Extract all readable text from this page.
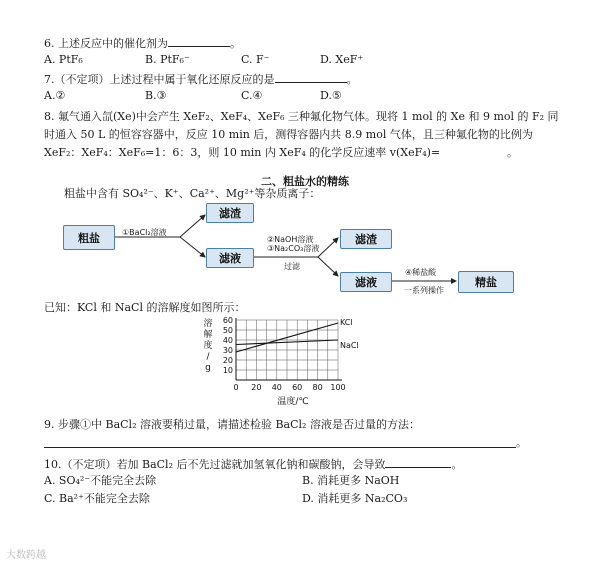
6. 上述反应中的催化剂为	。
A. PtF₆	B. PtF₆⁻	C. F⁻	D. XeF⁺
7.（不定项）上述过程中属于氧化还原反应的是	。
A.②	B.③	C.④	D.⑤
8. 氟气通入氙(Xe)中会产生 XeF₂、XeF₄、XeF₆ 三种氟化物气体。现将 1 mol 的 Xe 和 9 mol 的 F₂ 同
时通入 50 L 的恒容容器中，反应 10 min 后，测得容器内共 8.9 mol 气体，且三种氟化物的比例为
XeF₂：XeF₄：XeF₆=1：6：3，则 10 min 内 XeF₄ 的化学反应速率 v(XeF₄)=	。
二、粗盐水的精练
粗盐中含有 SO₄²⁻、K⁺、Ca²⁺、Mg²⁺等杂质离子：
粗盐	①BaCl₂溶液
滤渣
滤液
②NaOH溶液
③Na₂CO₃溶液
过滤
滤渣
滤液
④稀盐酸
一系列操作
精盐
已知：KCl 和 NaCl 的溶解度如图所示：
0 20 40 60 80 100
10
20
30
40
50
60
溶
解
度
/
g
温度/℃
KCl
NaCl
9. 步骤①中 BaCl₂ 溶液要稍过量，请描述检验 BaCl₂ 溶液是否过量的方法：
。
10.（不定项）若加 BaCl₂ 后不先过滤就加氢氧化钠和碳酸钠，会导致	。
A. SO₄²⁻不能完全去除	B. 消耗更多 NaOH
C. Ba²⁺不能完全去除	D. 消耗更多 Na₂CO₃
大数跨越
